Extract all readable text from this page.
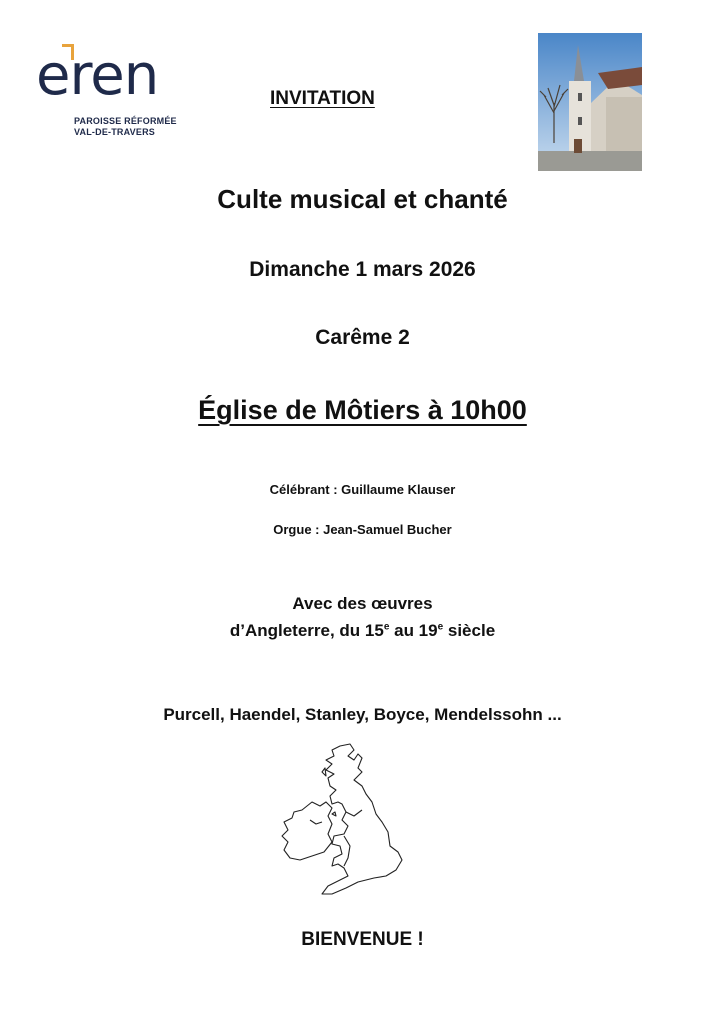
eren
PAROISSE RÉFORMÉE
VAL-DE-TRAVERS
INVITATION
Culte musical et chanté
Dimanche 1 mars 2026
Carême 2
Église de Môtiers à 10h00
Célébrant : Guillaume Klauser
Orgue : Jean-Samuel Bucher
Avec des œuvres
d’Angleterre, du 15e au 19e siècle
Purcell, Haendel, Stanley, Boyce, Mendelssohn ...
BIENVENUE !
